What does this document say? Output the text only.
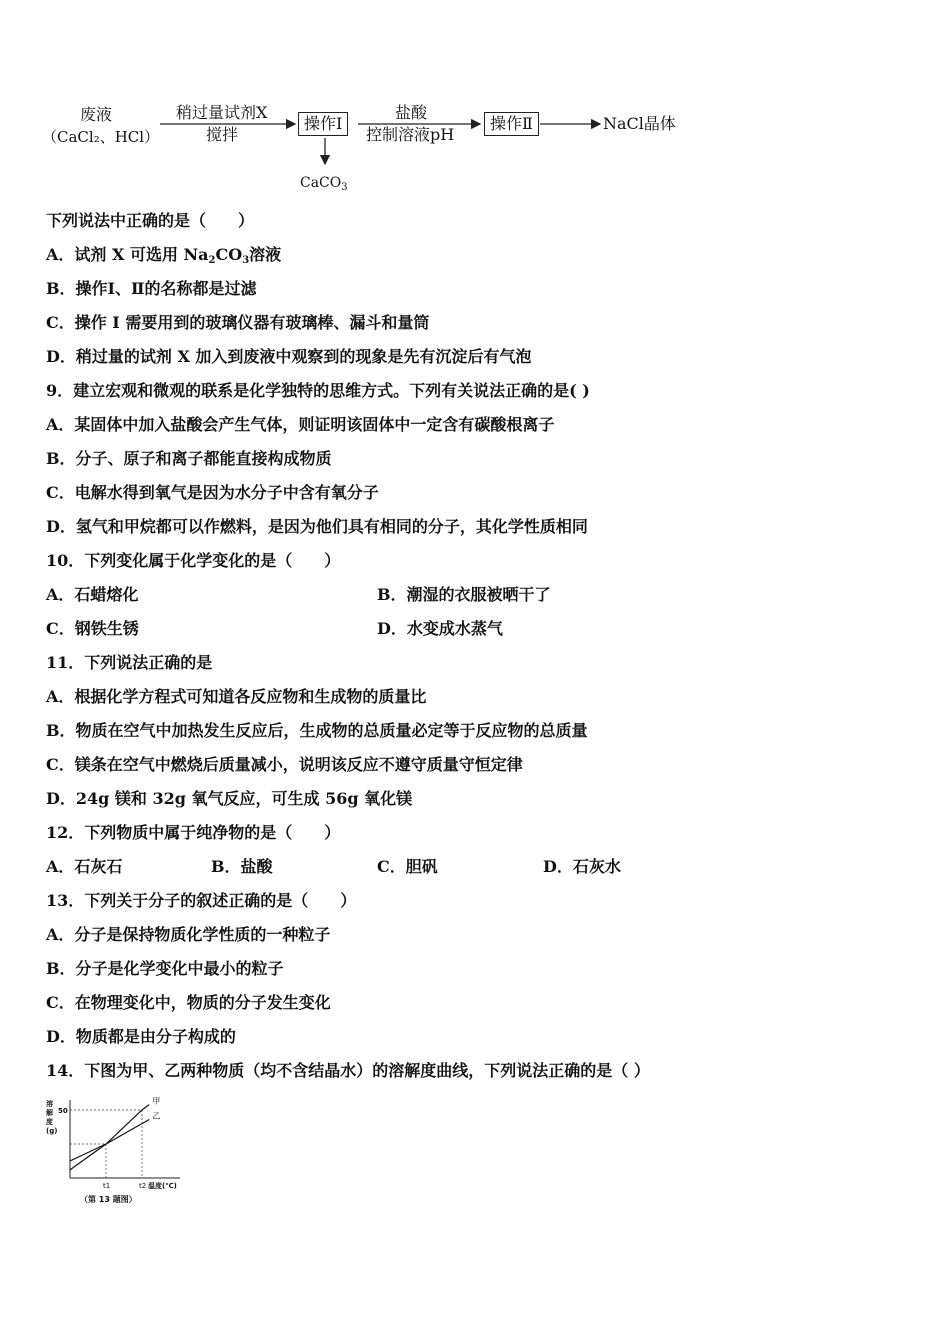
废液
（CaCl₂、HCl）
稍过量试剂X
搅拌
操作Ⅰ
盐酸
控制溶液pH
操作Ⅱ	NaCl晶体
CaCO$_3$
下列说法中正确的是（　　）
A．试剂 X 可选用 $Na_2CO_3$溶液
B．操作Ⅰ、Ⅱ的名称都是过滤
C．操作 I 需要用到的玻璃仪器有玻璃棒、漏斗和量筒
D．稍过量的试剂 X 加入到废液中观察到的现象是先有沉淀后有气泡
9．建立宏观和微观的联系是化学独特的思维方式。下列有关说法正确的是( )
A．某固体中加入盐酸会产生气体，则证明该固体中一定含有碳酸根离子
B．分子、原子和离子都能直接构成物质
C．电解水得到氧气是因为水分子中含有氧分子
D．氢气和甲烷都可以作燃料，是因为他们具有相同的分子，其化学性质相同
10．下列变化属于化学变化的是（　　）
A．石蜡熔化	B．潮湿的衣服被晒干了
C．钢铁生锈	D．水变成水蒸气
11．下列说法正确的是
A．根据化学方程式可知道各反应物和生成物的质量比
B．物质在空气中加热发生反应后，生成物的总质量必定等于反应物的总质量
C．镁条在空气中燃烧后质量减小，说明该反应不遵守质量守恒定律
D．24g 镁和 32g 氧气反应，可生成 56g 氧化镁
12．下列物质中属于纯净物的是（　　）
A．石灰石	B．盐酸	C．胆矾	D．石灰水
13．下列关于分子的叙述正确的是（　　）
A．分子是保持物质化学性质的一种粒子
B．分子是化学变化中最小的粒子
C．在物理变化中，物质的分子发生变化
D．物质都是由分子构成的
14．下图为甲、乙两种物质（均不含结晶水）的溶解度曲线，下列说法正确的是（ ）
甲
乙
溶
解
度
(g)
50
t1	t2 温度(℃)
（第 13 题图）
